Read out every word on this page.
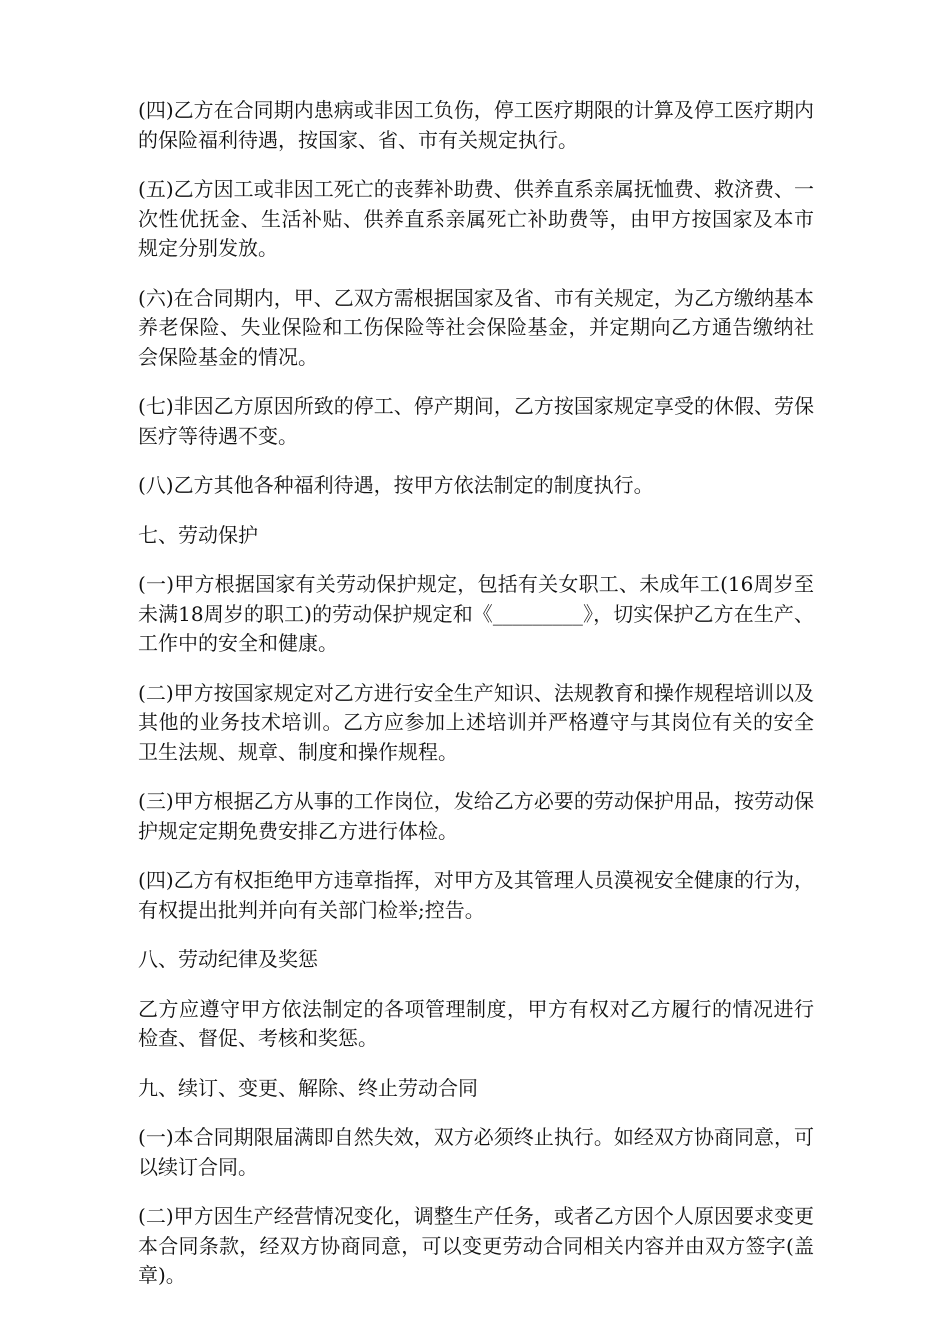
(四)乙方在合同期内患病或非因工负伤，停工医疗期限的计算及停工医疗期内的保险福利待遇，按国家、省、市有关规定执行。

(五)乙方因工或非因工死亡的丧葬补助费、供养直系亲属抚恤费、救济费、一次性优抚金、生活补贴、供养直系亲属死亡补助费等，由甲方按国家及本市规定分别发放。

(六)在合同期内，甲、乙双方需根据国家及省、市有关规定，为乙方缴纳基本养老保险、失业保险和工伤保险等社会保险基金，并定期向乙方通告缴纳社会保险基金的情况。

(七)非因乙方原因所致的停工、停产期间，乙方按国家规定享受的休假、劳保医疗等待遇不变。

(八)乙方其他各种福利待遇，按甲方依法制定的制度执行。

七、劳动保护

(一)甲方根据国家有关劳动保护规定，包括有关女职工、未成年工(16周岁至未满18周岁的职工)的劳动保护规定和《_________》，切实保护乙方在生产、工作中的安全和健康。

(二)甲方按国家规定对乙方进行安全生产知识、法规教育和操作规程培训以及其他的业务技术培训。乙方应参加上述培训并严格遵守与其岗位有关的安全卫生法规、规章、制度和操作规程。

(三)甲方根据乙方从事的工作岗位，发给乙方必要的劳动保护用品，按劳动保护规定定期免费安排乙方进行体检。

(四)乙方有权拒绝甲方违章指挥，对甲方及其管理人员漠视安全健康的行为，有权提出批判并向有关部门检举;控告。

八、劳动纪律及奖惩

乙方应遵守甲方依法制定的各项管理制度，甲方有权对乙方履行的情况进行检查、督促、考核和奖惩。

九、续订、变更、解除、终止劳动合同

(一)本合同期限届满即自然失效，双方必须终止执行。如经双方协商同意，可以续订合同。

(二)甲方因生产经营情况变化，调整生产任务，或者乙方因个人原因要求变更本合同条款，经双方协商同意，可以变更劳动合同相关内容并由双方签字(盖章)。
